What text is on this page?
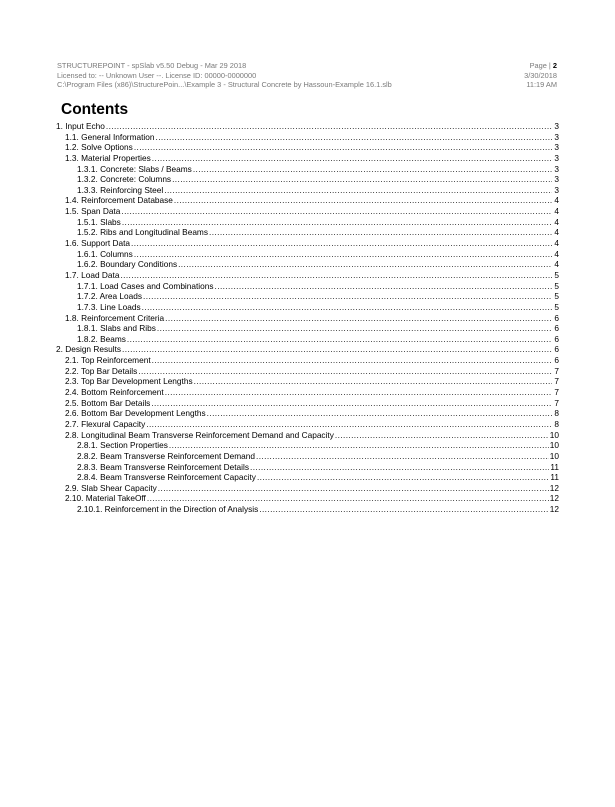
STRUCTUREPOINT - spSlab v5.50 Debug - Mar 29 2018
Licensed to: -- Unknown User --. License ID: 00000-0000000
C:\Program Files (x86)\StructurePoin...\Example 3 - Structural Concrete by Hassoun-Example 16.1.slb
Page | 2
3/30/2018
11:19 AM
Contents
1. Input Echo .....	3
1.1. General Information .....	3
1.2. Solve Options .....	3
1.3. Material Properties .....	3
1.3.1. Concrete: Slabs / Beams .....	3
1.3.2. Concrete: Columns .....	3
1.3.3. Reinforcing Steel .....	3
1.4. Reinforcement Database .....	4
1.5. Span Data .....	4
1.5.1. Slabs .....	4
1.5.2. Ribs and Longitudinal Beams .....	4
1.6. Support Data .....	4
1.6.1. Columns .....	4
1.6.2. Boundary Conditions .....	4
1.7. Load Data .....	5
1.7.1. Load Cases and Combinations .....	5
1.7.2. Area Loads .....	5
1.7.3. Line Loads .....	5
1.8. Reinforcement Criteria .....	6
1.8.1. Slabs and Ribs .....	6
1.8.2. Beams .....	6
2. Design Results .....	6
2.1. Top Reinforcement .....	6
2.2. Top Bar Details .....	7
2.3. Top Bar Development Lengths .....	7
2.4. Bottom Reinforcement .....	7
2.5. Bottom Bar Details .....	7
2.6. Bottom Bar Development Lengths .....	8
2.7. Flexural Capacity .....	8
2.8. Longitudinal Beam Transverse Reinforcement Demand and Capacity .....	10
2.8.1. Section Properties .....	10
2.8.2. Beam Transverse Reinforcement Demand .....	10
2.8.3. Beam Transverse Reinforcement Details .....	11
2.8.4. Beam Transverse Reinforcement Capacity .....	11
2.9. Slab Shear Capacity .....	12
2.10. Material TakeOff .....	12
2.10.1. Reinforcement in the Direction of Analysis .....	12
